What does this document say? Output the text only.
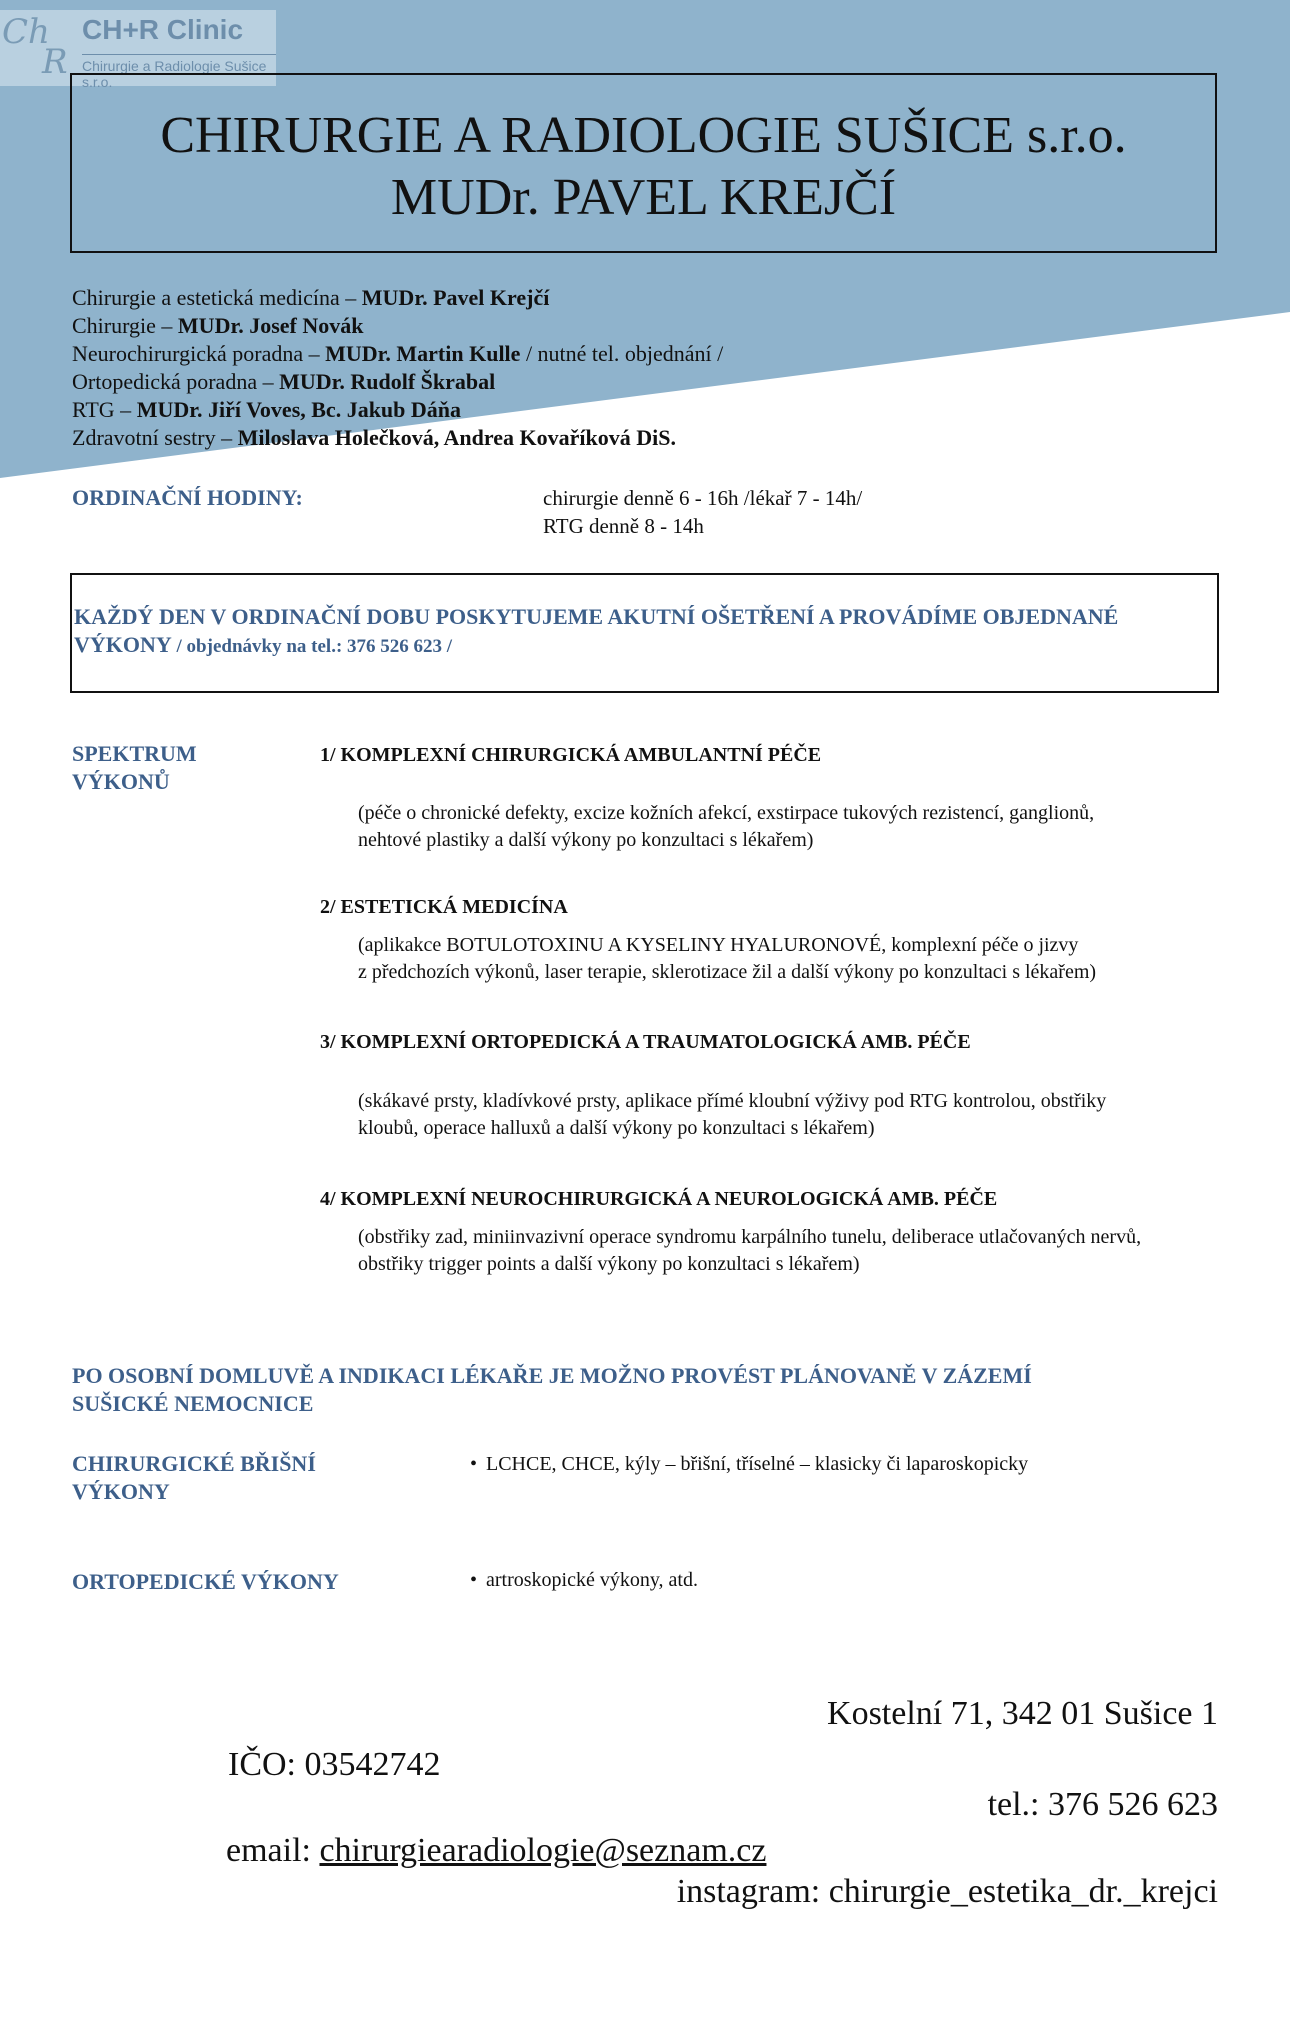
Ch
R
CH+R Clinic
Chirurgie a Radiologie Sušice s.r.o.
CHIRURGIE A RADIOLOGIE SUŠICE s.r.o.
MUDr. PAVEL KREJČÍ
Chirurgie a estetická medicína – MUDr. Pavel Krejčí
Chirurgie – MUDr. Josef Novák
Neurochirurgická poradna – MUDr. Martin Kulle / nutné tel. objednání /
Ortopedická poradna – MUDr. Rudolf Škrabal
RTG – MUDr. Jiří Voves, Bc. Jakub Dáňa
Zdravotní sestry – Miloslava Holečková, Andrea Kovaříková DiS.
ORDINAČNÍ HODINY:	chirurgie denně 6 - 16h /lékař 7 - 14h/
RTG denně 8 - 14h
KAŽDÝ DEN V ORDINAČNÍ DOBU POSKYTUJEME AKUTNÍ OŠETŘENÍ A PROVÁDÍME OBJEDNANÉ VÝKONY / objednávky na tel.: 376 526 623 /
SPEKTRUM
VÝKONŮ
1/ KOMPLEXNÍ CHIRURGICKÁ AMBULANTNÍ PÉČE
(péče o chronické defekty, excize kožních afekcí, exstirpace tukových rezistencí, ganglionů,
nehtové plastiky a další výkony po konzultaci s lékařem)
2/ ESTETICKÁ MEDICÍNA
(aplikakce BOTULOTOXINU A KYSELINY HYALURONOVÉ, komplexní péče o jizvy
z předchozích výkonů, laser terapie, sklerotizace žil a další výkony po konzultaci s lékařem)
3/ KOMPLEXNÍ ORTOPEDICKÁ A TRAUMATOLOGICKÁ AMB. PÉČE
(skákavé prsty, kladívkové prsty, aplikace přímé kloubní výživy pod RTG kontrolou, obstřiky
kloubů, operace halluxů a další výkony po konzultaci s lékařem)
4/ KOMPLEXNÍ NEUROCHIRURGICKÁ A NEUROLOGICKÁ AMB. PÉČE
(obstřiky zad, miniinvazivní operace syndromu karpálního tunelu, deliberace utlačovaných nervů,
obstřiky trigger points a další výkony po konzultaci s lékařem)
PO OSOBNÍ DOMLUVĚ A INDIKACI LÉKAŘE JE MOŽNO PROVÉST PLÁNOVANĚ V ZÁZEMÍ
SUŠICKÉ NEMOCNICE
CHIRURGICKÉ BŘIŠNÍ
VÝKONY
• LCHCE, CHCE, kýly – břišní, tříselné – klasicky či laparoskopicky
ORTOPEDICKÉ VÝKONY	• artroskopické výkony, atd.
Kostelní 71, 342 01 Sušice 1
IČO: 03542742
tel.: 376 526 623
email: chirurgiearadiologie@seznam.cz
instagram: chirurgie_estetika_dr._krejci
